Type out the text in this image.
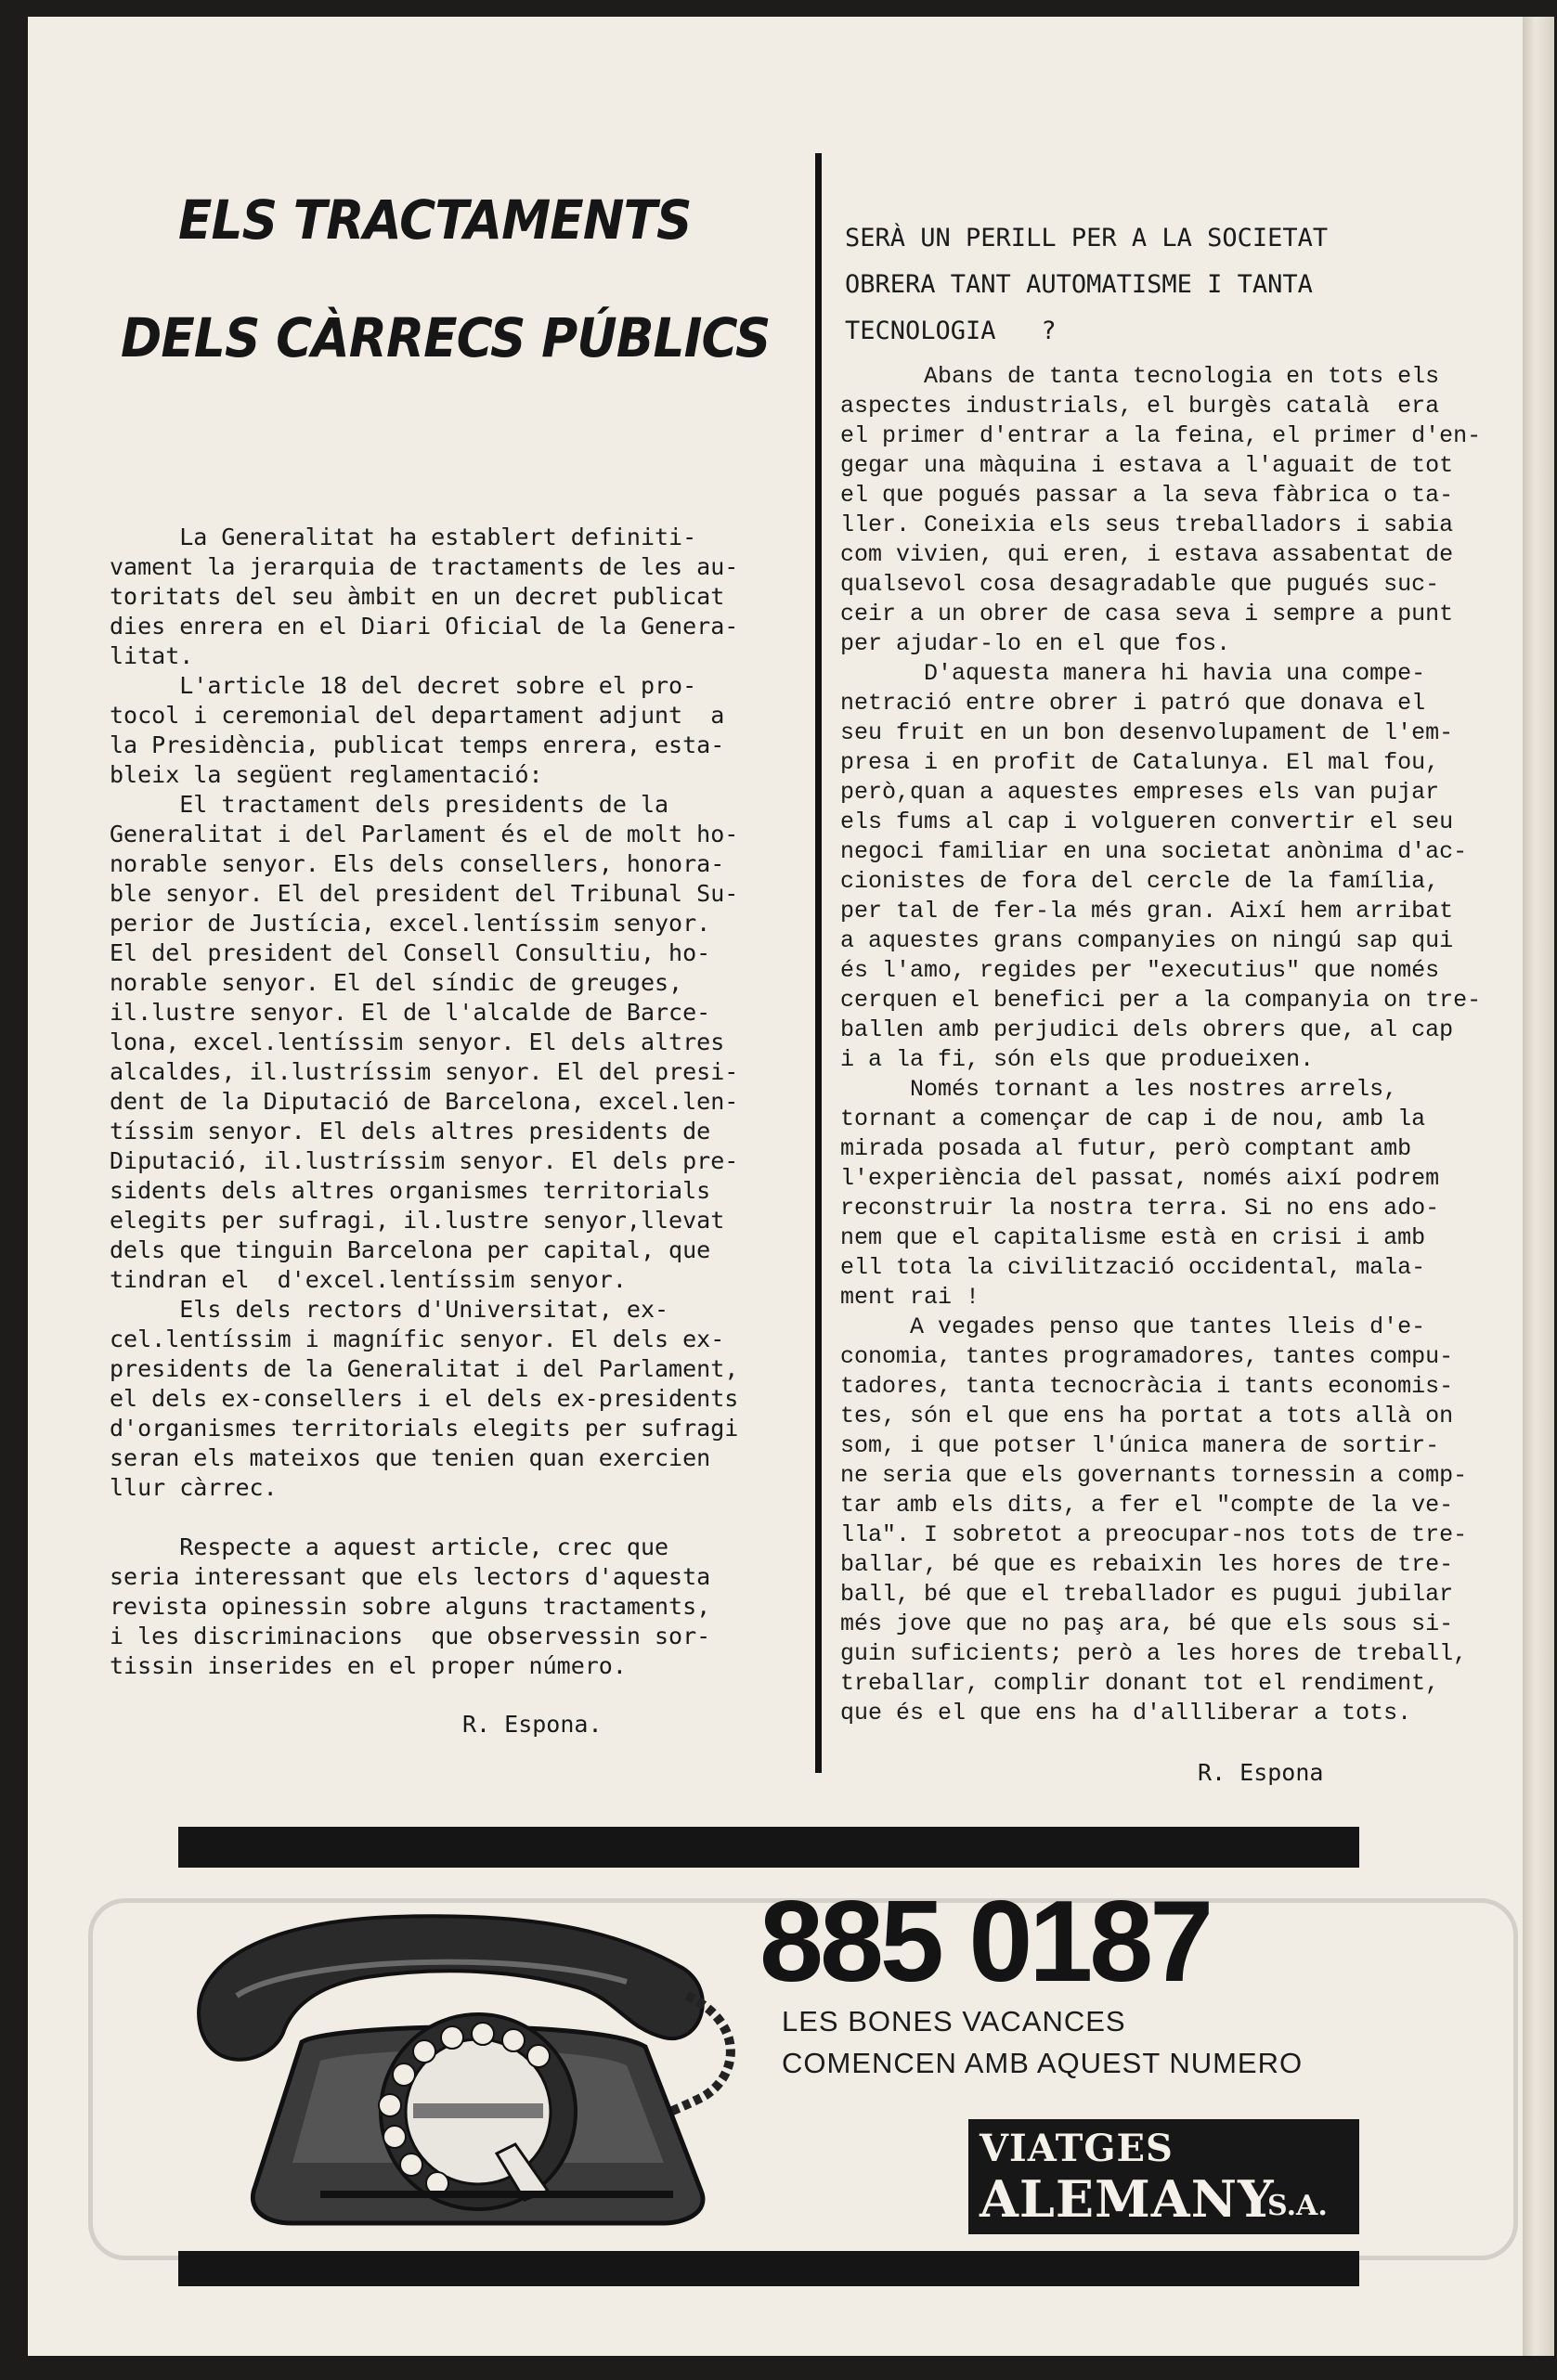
ELS TRACTAMENTS
DELS CÀRRECS PÚBLICS
La Generalitat ha establert definiti-
vament la jerarquia de tractaments de les au-
toritats del seu àmbit en un decret publicat
dies enrera en el Diari Oficial de la Genera-
litat.
L'article 18 del decret sobre el pro-
tocol i ceremonial del departament adjunt  a
la Presidència, publicat temps enrera, esta-
bleix la següent reglamentació:
El tractament dels presidents de la
Generalitat i del Parlament és el de molt ho-
norable senyor. Els dels consellers, honora-
ble senyor. El del president del Tribunal Su-
perior de Justícia, excel.lentíssim senyor.
El del president del Consell Consultiu, ho-
norable senyor. El del síndic de greuges,
il.lustre senyor. El de l'alcalde de Barce-
lona, excel.lentíssim senyor. El dels altres
alcaldes, il.lustríssim senyor. El del presi-
dent de la Diputació de Barcelona, excel.len-
tíssim senyor. El dels altres presidents de
Diputació, il.lustríssim senyor. El dels pre-
sidents dels altres organismes territorials
elegits per sufragi, il.lustre senyor,llevat
dels que tinguin Barcelona per capital, que
tindran el  d'excel.lentíssim senyor.
Els dels rectors d'Universitat, ex-
cel.lentíssim i magnífic senyor. El dels ex-
presidents de la Generalitat i del Parlament,
el dels ex-consellers i el dels ex-presidents
d'organismes territorials elegits per sufragi
seran els mateixos que tenien quan exercien
llur càrrec.

Respecte a aquest article, crec que
seria interessant que els lectors d'aquesta
revista opinessin sobre alguns tractaments,
i les discriminacions  que observessin sor-
tissin inserides en el proper número.
R. Espona.
SERÀ UN PERILL PER A LA SOCIETAT
OBRERA TANT AUTOMATISME I TANTA
TECNOLOGIA   ?
Abans de tanta tecnologia en tots els
aspectes industrials, el burgès català  era
el primer d'entrar a la feina, el primer d'en-
gegar una màquina i estava a l'aguait de tot
el que pogués passar a la seva fàbrica o ta-
ller. Coneixia els seus treballadors i sabia
com vivien, qui eren, i estava assabentat de
qualsevol cosa desagradable que pugués suc-
ceir a un obrer de casa seva i sempre a punt
per ajudar-lo en el que fos.
D'aquesta manera hi havia una compe-
netració entre obrer i patró que donava el
seu fruit en un bon desenvolupament de l'em-
presa i en profit de Catalunya. El mal fou,
però,quan a aquestes empreses els van pujar
els fums al cap i volgueren convertir el seu
negoci familiar en una societat anònima d'ac-
cionistes de fora del cercle de la família,
per tal de fer-la més gran. Així hem arribat
a aquestes grans companyies on ningú sap qui
és l'amo, regides per "executius" que només
cerquen el benefici per a la companyia on tre-
ballen amb perjudici dels obrers que, al cap
i a la fi, són els que produeixen.
Només tornant a les nostres arrels,
tornant a començar de cap i de nou, amb la
mirada posada al futur, però comptant amb
l'experiència del passat, només així podrem
reconstruir la nostra terra. Si no ens ado-
nem que el capitalisme està en crisi i amb
ell tota la civilització occidental, mala-
ment rai !
A vegades penso que tantes lleis d'e-
conomia, tantes programadores, tantes compu-
tadores, tanta tecnocràcia i tants economis-
tes, són el que ens ha portat a tots allà on
som, i que potser l'única manera de sortir-
ne seria que els governants tornessin a comp-
tar amb els dits, a fer el "compte de la ve-
lla". I sobretot a preocupar-nos tots de tre-
ballar, bé que es rebaixin les hores de tre-
ball, bé que el treballador es pugui jubilar
més jove que no paş ara, bé que els sous si-
guin suficients; però a les hores de treball,
treballar, complir donant tot el rendiment,
que és el que ens ha d'allliberar a tots.
R. Espona
885 0187
LES BONES VACANCES
COMENCEN AMB AQUEST NUMERO
VIATGES
ALEMANY
S.A.
